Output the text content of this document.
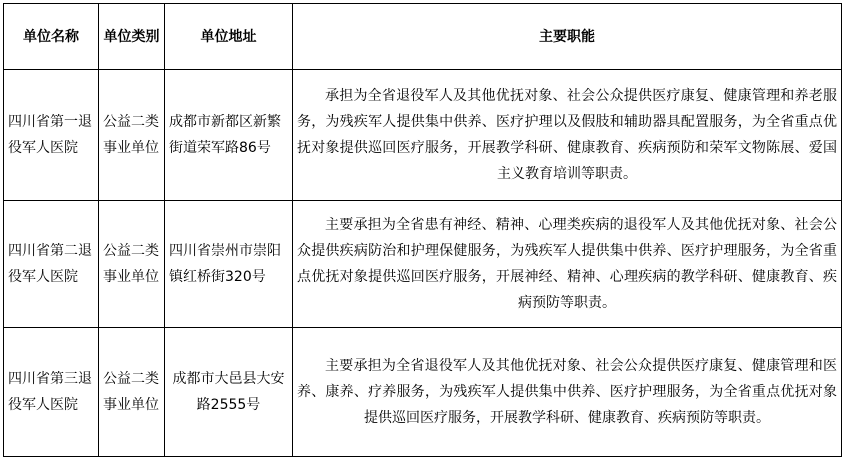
单位名称	单位类别	单位地址	主要职能
四川省第一退役军人医院	公益二类事业单位	成都市新都区新繁街道荣军路86号	承担为全省退役军人及其他优抚对象、社会公众提供医疗康复、健康管理和养老服务，为残疾军人提供集中供养、医疗护理以及假肢和辅助器具配置服务，为全省重点优抚对象提供巡回医疗服务，开展教学科研、健康教育、疾病预防和荣军文物陈展、爱国主义教育培训等职责。

四川省第二退役军人医院	公益二类事业单位	四川省崇州市崇阳镇红桥街320号	主要承担为全省患有神经、精神、心理类疾病的退役军人及其他优抚对象、社会公众提供疾病防治和护理保健服务，为残疾军人提供集中供养、医疗护理服务，为全省重点优抚对象提供巡回医疗服务，开展神经、精神、心理疾病的教学科研、健康教育、疾病预防等职责。

四川省第三退役军人医院	公益二类事业单位	成都市大邑县大安路2555号	主要承担为全省退役军人及其他优抚对象、社会公众提供医疗康复、健康管理和医养、康养、疗养服务，为残疾军人提供集中供养、医疗护理服务，为全省重点优抚对象提供巡回医疗服务，开展教学科研、健康教育、疾病预防等职责。
